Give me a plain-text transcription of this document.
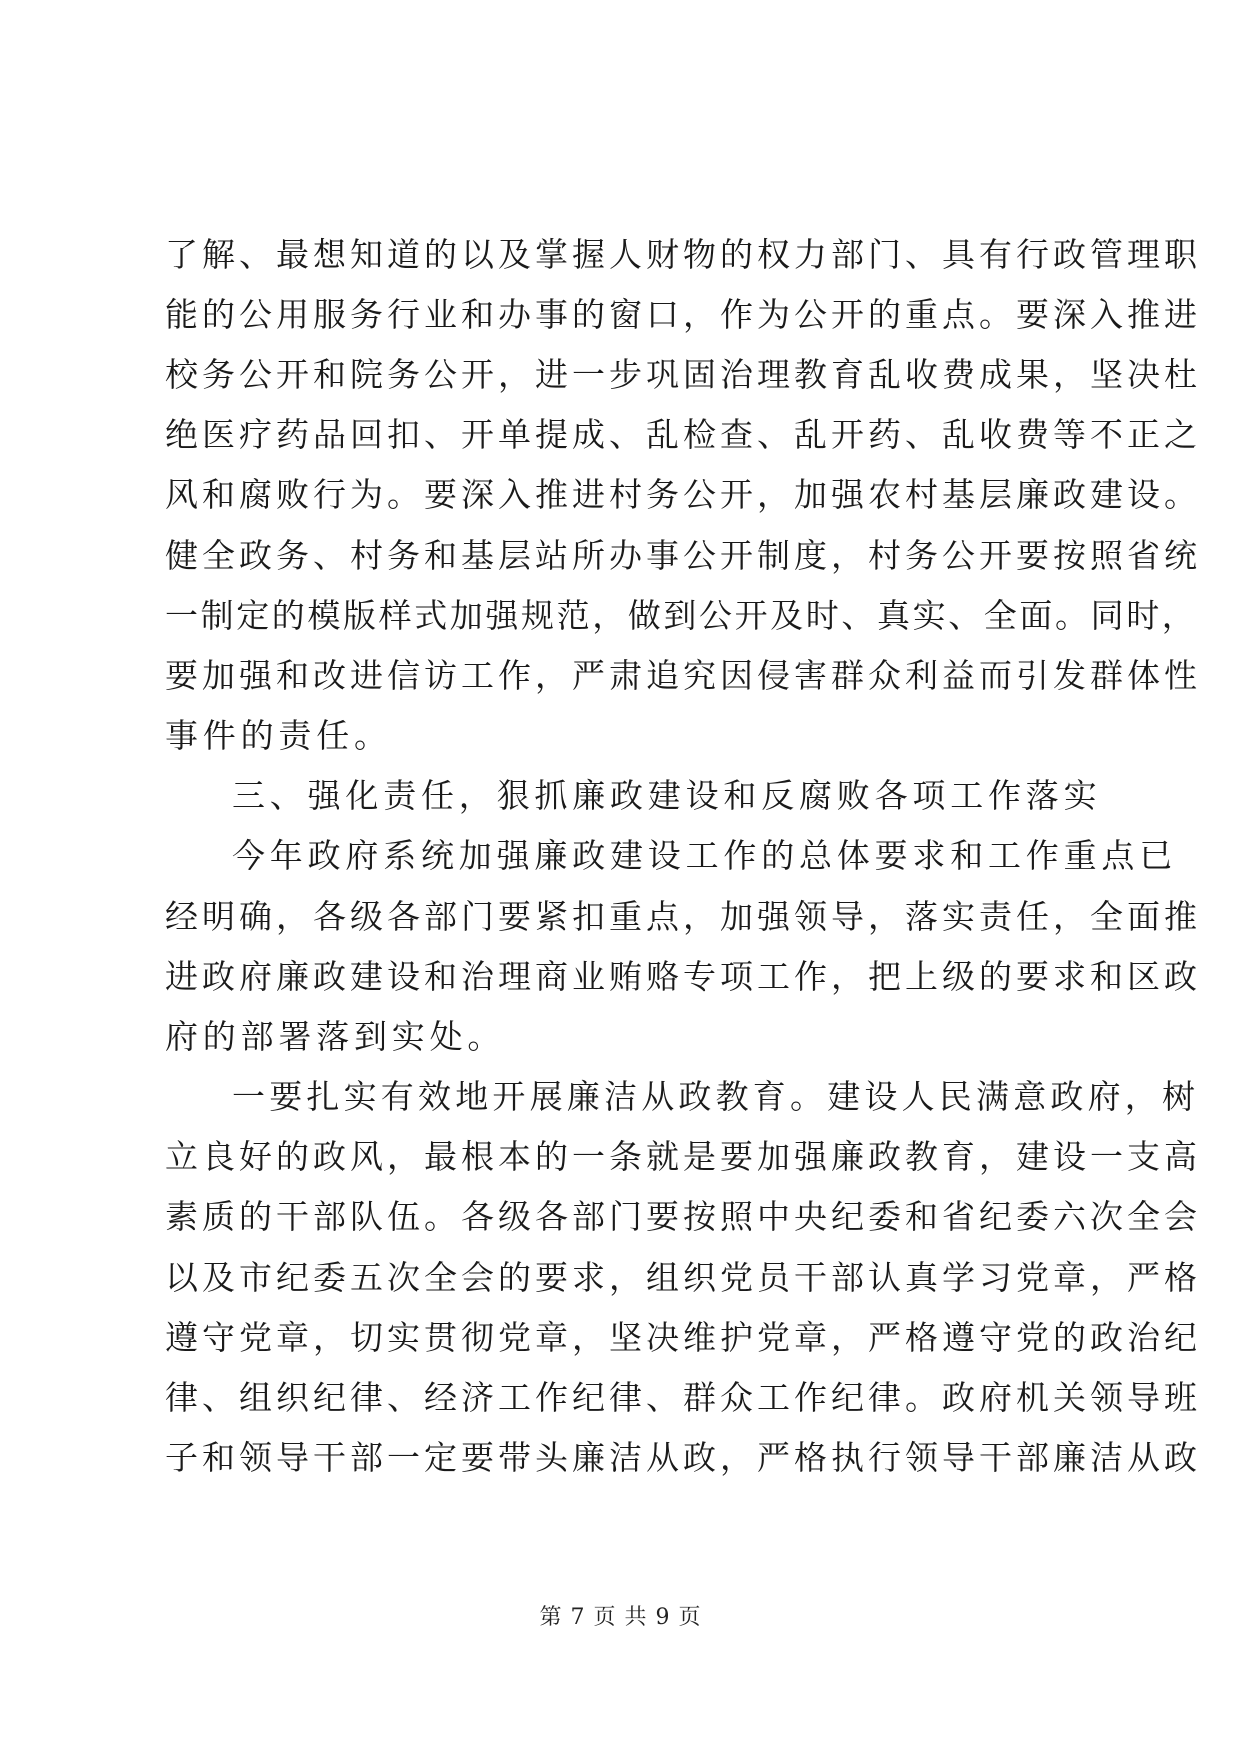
了解、最想知道的以及掌握人财物的权力部门、具有行政管理职
能的公用服务行业和办事的窗口，作为公开的重点。要深入推进
校务公开和院务公开，进一步巩固治理教育乱收费成果，坚决杜
绝医疗药品回扣、开单提成、乱检查、乱开药、乱收费等不正之
风和腐败行为。要深入推进村务公开，加强农村基层廉政建设。
健全政务、村务和基层站所办事公开制度，村务公开要按照省统
一制定的模版样式加强规范，做到公开及时、真实、全面。同时，
要加强和改进信访工作，严肃追究因侵害群众利益而引发群体性
事件的责任。
三、强化责任，狠抓廉政建设和反腐败各项工作落实
今年政府系统加强廉政建设工作的总体要求和工作重点已
经明确，各级各部门要紧扣重点，加强领导，落实责任，全面推
进政府廉政建设和治理商业贿赂专项工作，把上级的要求和区政
府的部署落到实处。
一要扎实有效地开展廉洁从政教育。建设人民满意政府，树
立良好的政风，最根本的一条就是要加强廉政教育，建设一支高
素质的干部队伍。各级各部门要按照中央纪委和省纪委六次全会
以及市纪委五次全会的要求，组织党员干部认真学习党章，严格
遵守党章，切实贯彻党章，坚决维护党章，严格遵守党的政治纪
律、组织纪律、经济工作纪律、群众工作纪律。政府机关领导班
子和领导干部一定要带头廉洁从政，严格执行领导干部廉洁从政
第 7 页 共 9 页
